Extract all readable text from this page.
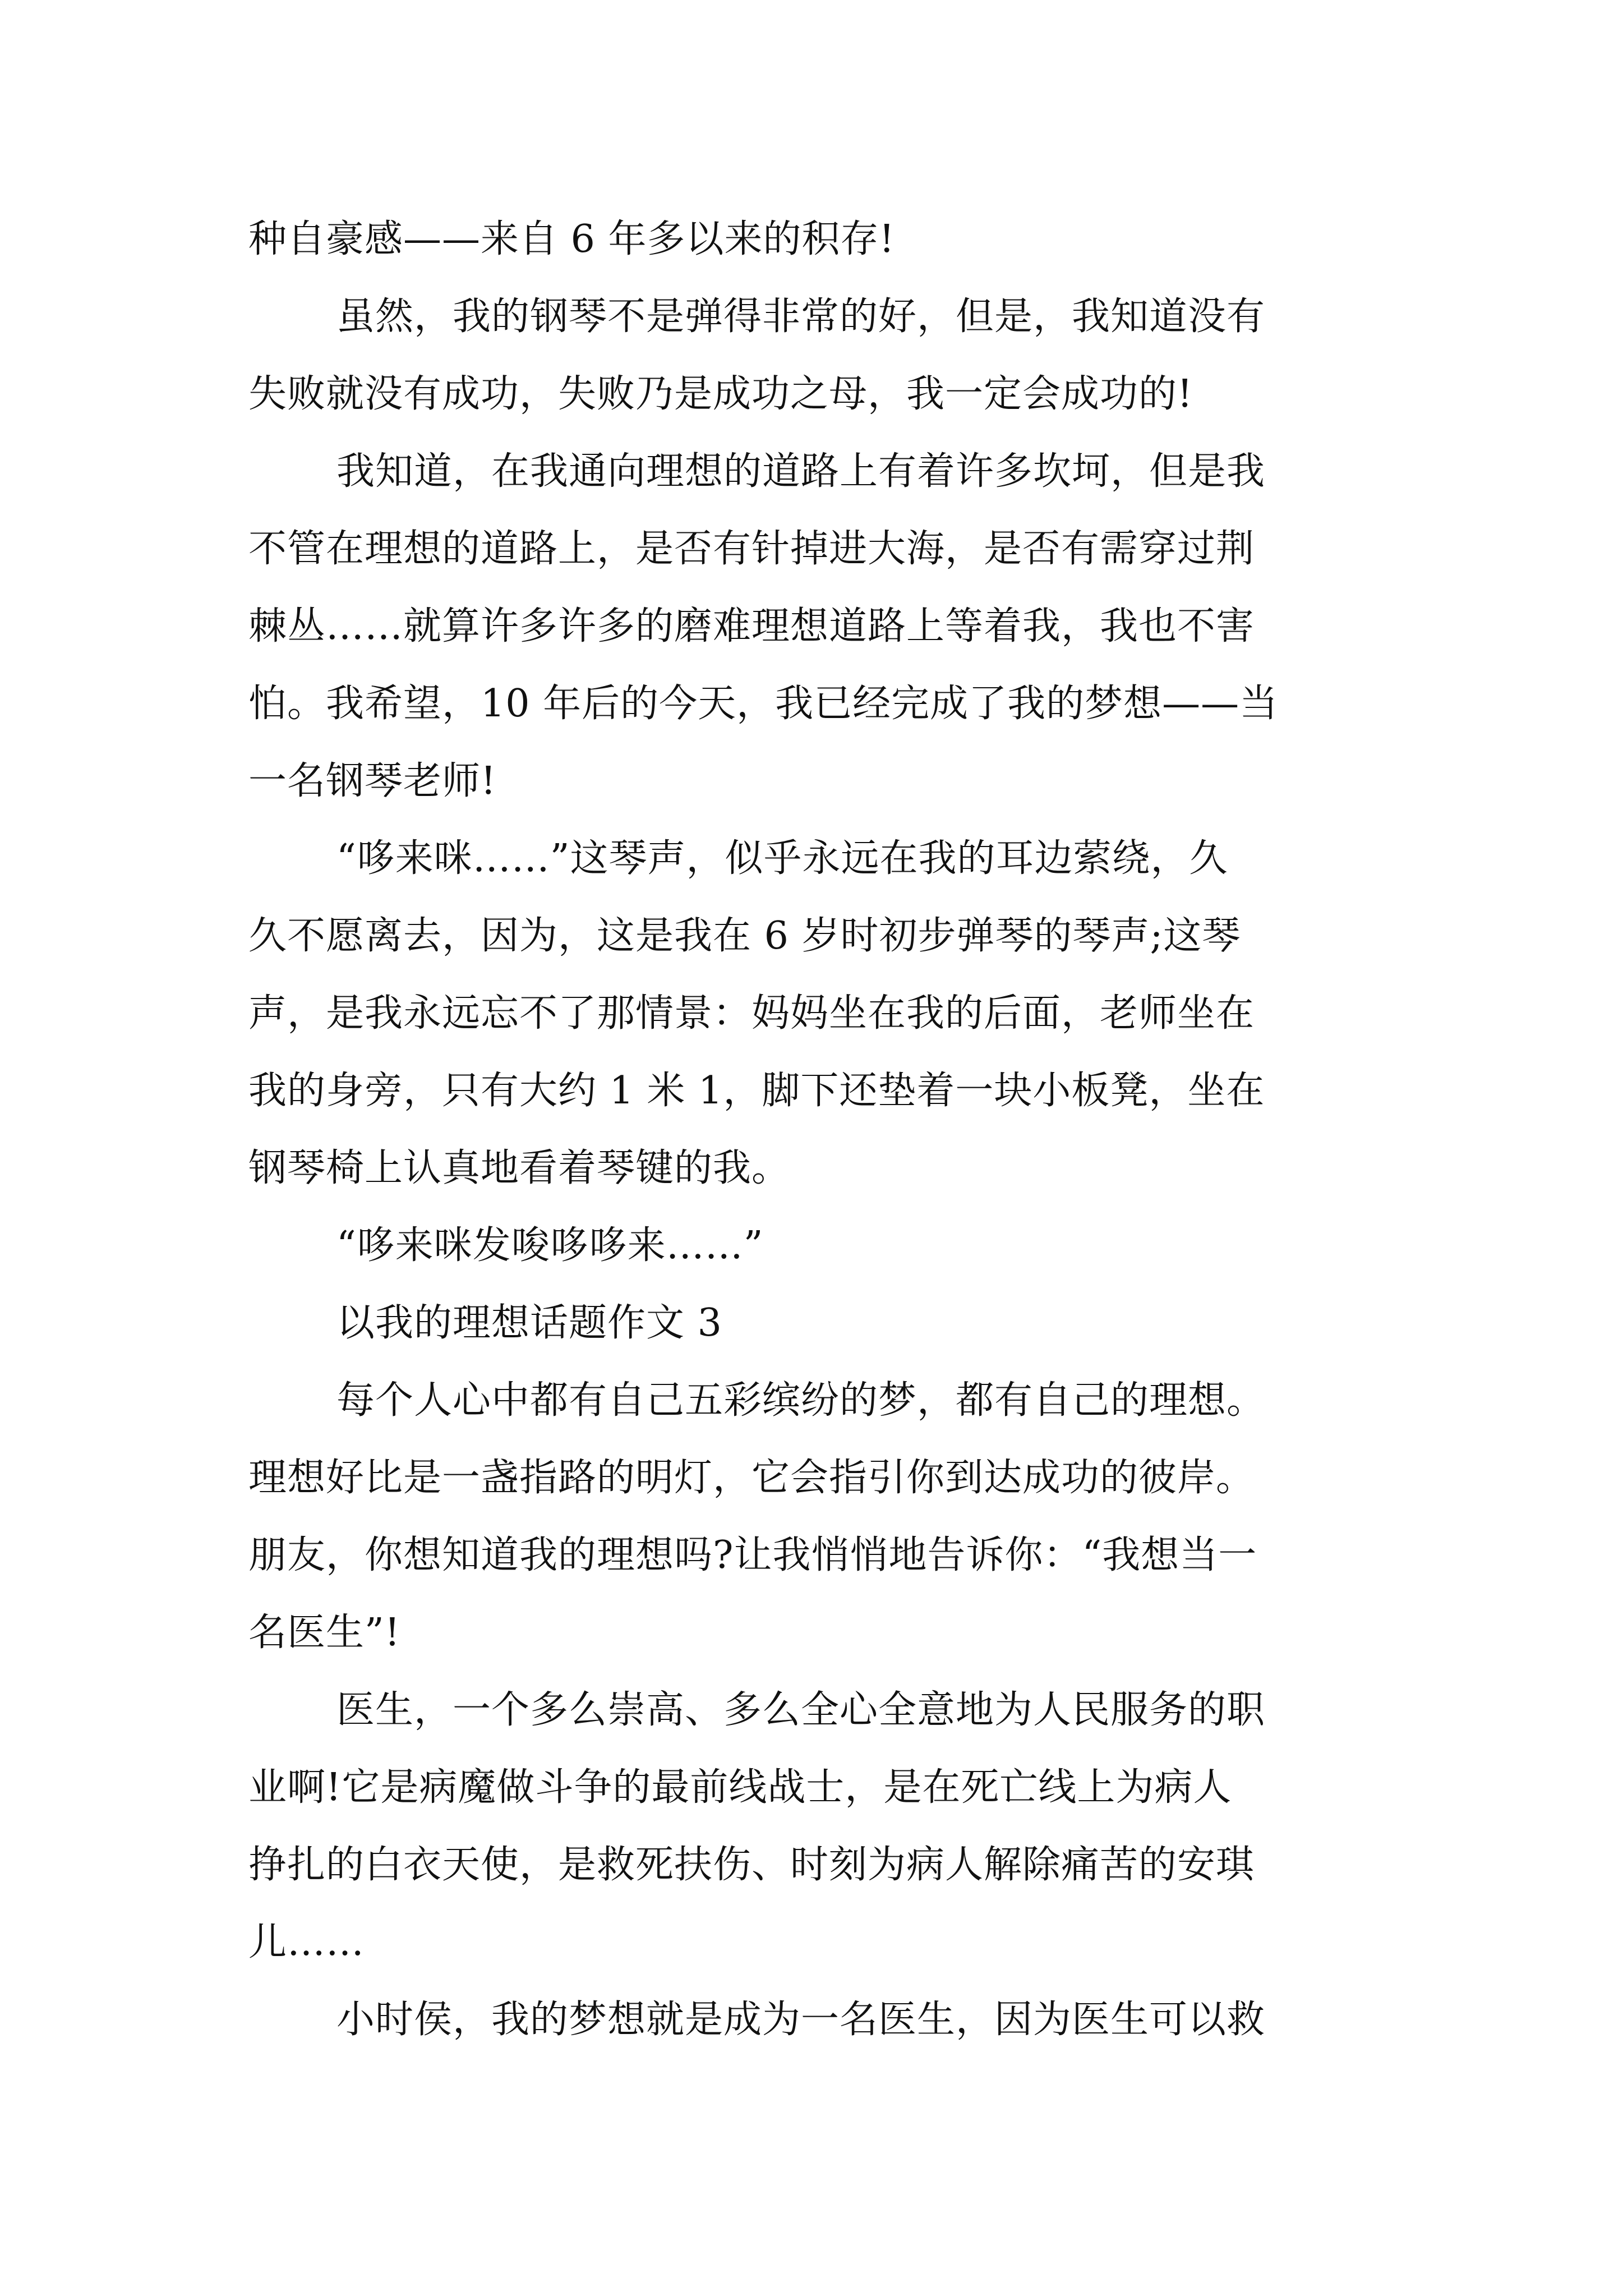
种自豪感——来自 6 年多以来的积存!
虽然，我的钢琴不是弹得非常的好，但是，我知道没有
失败就没有成功，失败乃是成功之母，我一定会成功的!
我知道，在我通向理想的道路上有着许多坎坷，但是我
不管在理想的道路上，是否有针掉进大海，是否有需穿过荆
棘丛……就算许多许多的磨难理想道路上等着我，我也不害
怕。我希望，10 年后的今天，我已经完成了我的梦想——当
一名钢琴老师!
“哆来咪……”这琴声，似乎永远在我的耳边萦绕，久
久不愿离去，因为，这是我在 6 岁时初步弹琴的琴声;这琴
声，是我永远忘不了那情景：妈妈坐在我的后面，老师坐在
我的身旁，只有大约 1 米 1，脚下还垫着一块小板凳，坐在
钢琴椅上认真地看着琴键的我。
“哆来咪发唆哆哆来……”
以我的理想话题作文 3
每个人心中都有自己五彩缤纷的梦，都有自己的理想。
理想好比是一盏指路的明灯，它会指引你到达成功的彼岸。
朋友，你想知道我的理想吗?让我悄悄地告诉你：“我想当一
名医生”!
医生，一个多么崇高、多么全心全意地为人民服务的职
业啊!它是病魔做斗争的最前线战士，是在死亡线上为病人
挣扎的白衣天使，是救死扶伤、时刻为病人解除痛苦的安琪
儿……
小时侯，我的梦想就是成为一名医生，因为医生可以救
